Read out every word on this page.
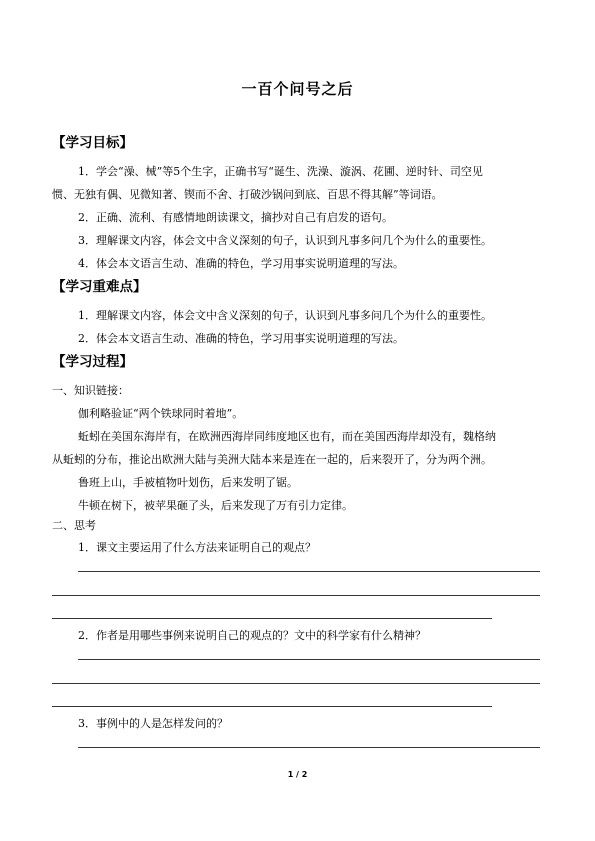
一百个问号之后
【学习目标】
1．学会“澡、械”等5个生字，正确书写“诞生、洗澡、漩涡、花圃、逆时针、司空见
惯、无独有偶、见微知著、锲而不舍、打破沙锅问到底、百思不得其解”等词语。
2．正确、流利、有感情地朗读课文，摘抄对自己有启发的语句。
3．理解课文内容，体会文中含义深刻的句子，认识到凡事多问几个为什么的重要性。
4．体会本文语言生动、准确的特色，学习用事实说明道理的写法。
【学习重难点】
1．理解课文内容，体会文中含义深刻的句子，认识到凡事多问几个为什么的重要性。
2．体会本文语言生动、准确的特色，学习用事实说明道理的写法。
【学习过程】
一、知识链接：
伽利略验证“两个铁球同时着地”。
蚯蚓在美国东海岸有，在欧洲西海岸同纬度地区也有，而在美国西海岸却没有，魏格纳
从蚯蚓的分布，推论出欧洲大陆与美洲大陆本来是连在一起的，后来裂开了，分为两个洲。
鲁班上山，手被植物叶划伤，后来发明了锯。
牛顿在树下，被苹果砸了头，后来发现了万有引力定律。
二、思考
1．课文主要运用了什么方法来证明自己的观点？
2．作者是用哪些事例来说明自己的观点的？文中的科学家有什么精神？
3．事例中的人是怎样发问的？
1 / 2
